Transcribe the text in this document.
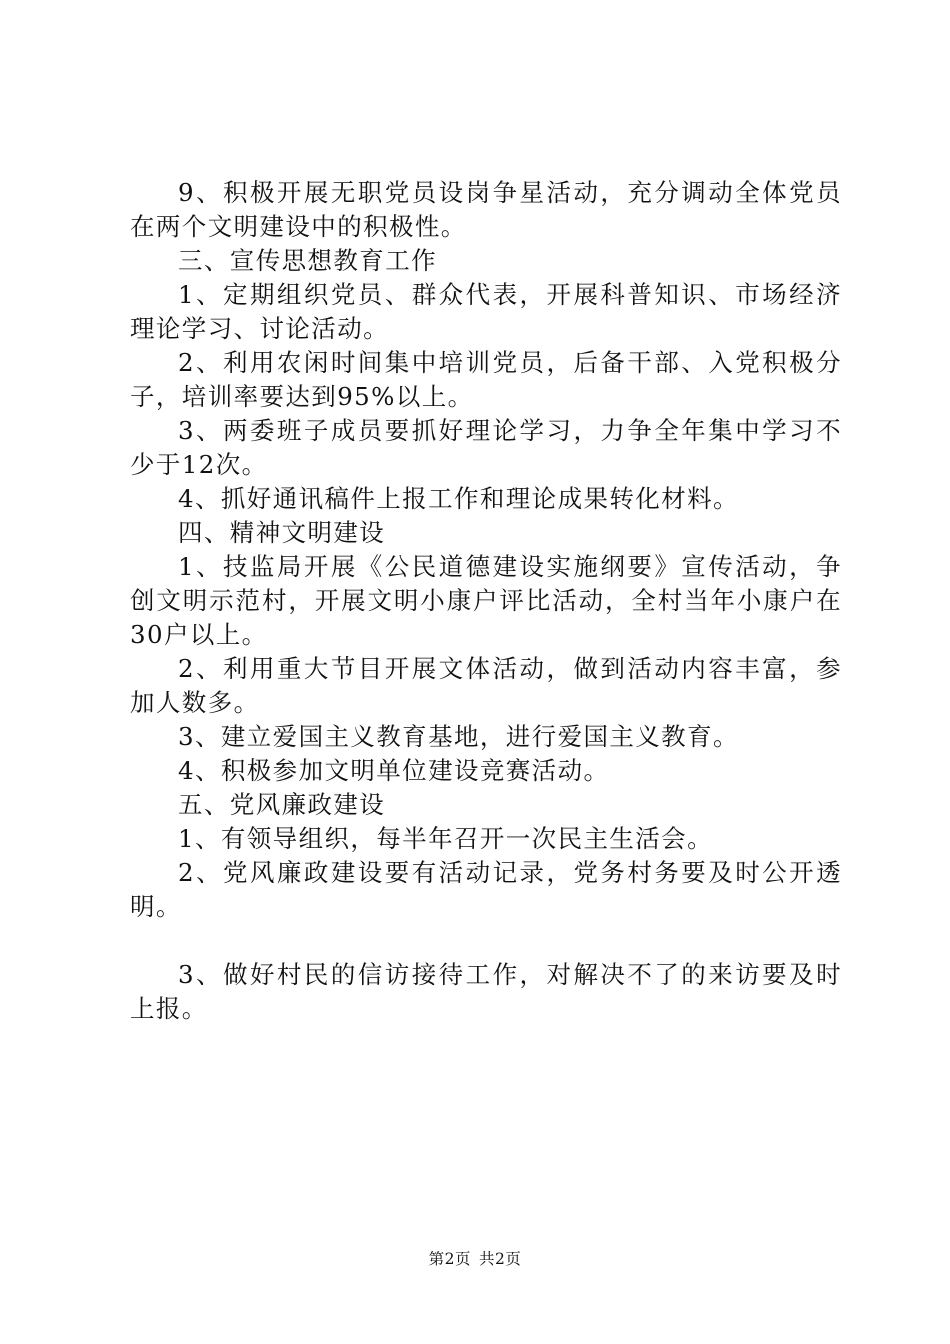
9、积极开展无职党员设岗争星活动，充分调动全体党员在两个文明建设中的积极性。

三、宣传思想教育工作

1、定期组织党员、群众代表，开展科普知识、市场经济理论学习、讨论活动。

2、利用农闲时间集中培训党员，后备干部、入党积极分子，培训率要达到95%以上。

3、两委班子成员要抓好理论学习，力争全年集中学习不少于12次。

4、抓好通讯稿件上报工作和理论成果转化材料。

四、精神文明建设

1、技监局开展《公民道德建设实施纲要》宣传活动，争创文明示范村，开展文明小康户评比活动，全村当年小康户在30户以上。

2、利用重大节目开展文体活动，做到活动内容丰富，参加人数多。

3、建立爱国主义教育基地，进行爱国主义教育。

4、积极参加文明单位建设竞赛活动。

五、党风廉政建设

1、有领导组织，每半年召开一次民主生活会。

2、党风廉政建设要有活动记录，党务村务要及时公开透明。

3、做好村民的信访接待工作，对解决不了的来访要及时上报。

第2页 共2页
